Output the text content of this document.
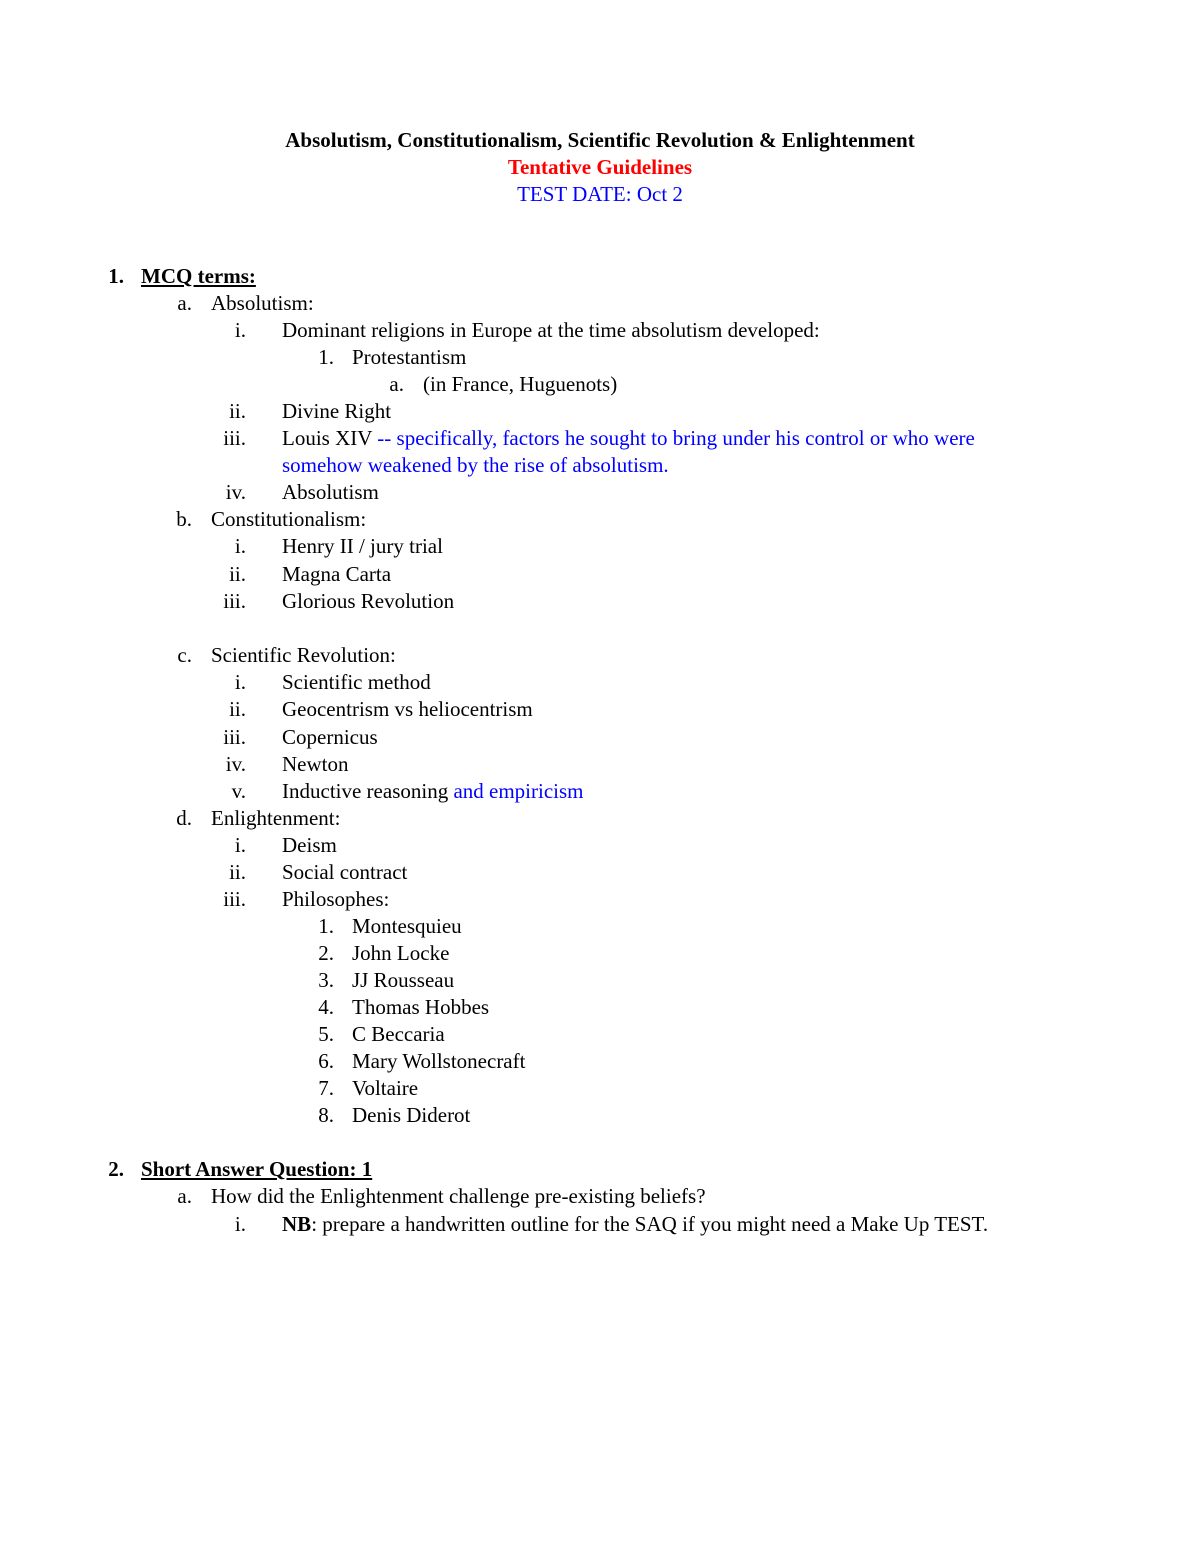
Absolutism, Constitutionalism, Scientific Revolution & Enlightenment
Tentative Guidelines
TEST DATE: Oct 2
1. MCQ terms:
a. Absolutism:
i. Dominant religions in Europe at the time absolutism developed:
1. Protestantism
a. (in France, Huguenots)
ii. Divine Right
iii. Louis XIV -- specifically, factors he sought to bring under his control or who were
somehow weakened by the rise of absolutism.
iv. Absolutism
b. Constitutionalism:
i. Henry II / jury trial
ii. Magna Carta
iii. Glorious Revolution
c. Scientific Revolution:
i. Scientific method
ii. Geocentrism vs heliocentrism
iii. Copernicus
iv. Newton
v. Inductive reasoning and empiricism
d. Enlightenment:
i. Deism
ii. Social contract
iii. Philosophes:
1. Montesquieu
2. John Locke
3. JJ Rousseau
4. Thomas Hobbes
5. C Beccaria
6. Mary Wollstonecraft
7. Voltaire
8. Denis Diderot
2. Short Answer Question: 1
a. How did the Enlightenment challenge pre-existing beliefs?
i. NB: prepare a handwritten outline for the SAQ if you might need a Make Up TEST.
